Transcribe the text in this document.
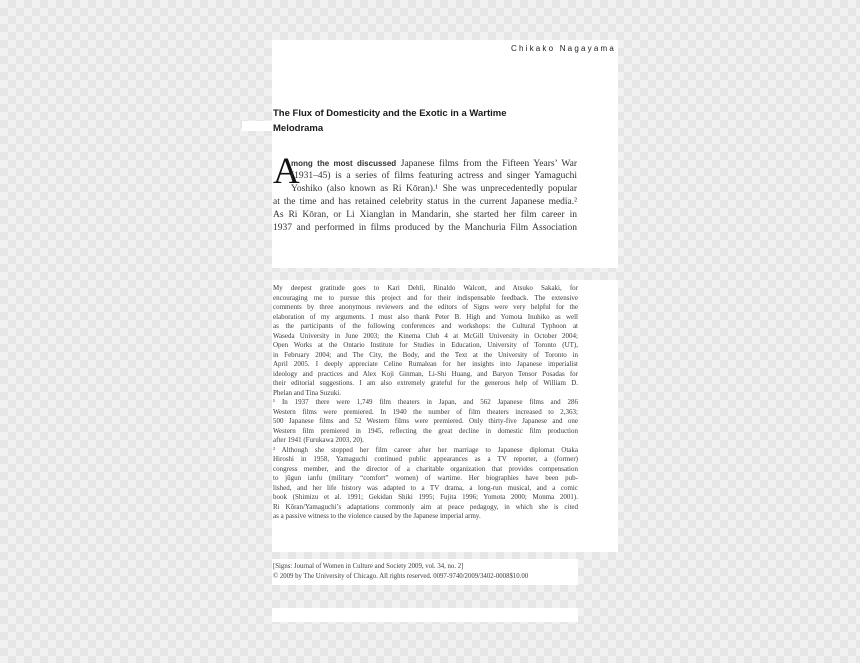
Chikako Nagayama
The Flux of Domesticity and the Exotic in a Wartime
Melodrama
A
mong the most discussed Japanese films from the Fifteen Years’ War
(1931–45) is a series of films featuring actress and singer Yamaguchi
Yoshiko (also known as Ri Kōran).¹ She was unprecedentedly popular
at the time and has retained celebrity status in the current Japanese media.²
As Ri Kōran, or Li Xianglan in Mandarin, she started her film career in
1937 and performed in films produced by the Manchuria Film Association
My deepest gratitude goes to Kari Dehli, Rinaldo Walcott, and Atsuko Sakaki, for
encouraging me to pursue this project and for their indispensable feedback. The extensive
comments by three anonymous reviewers and the editors of Signs were very helpful for the
elaboration of my arguments. I must also thank Peter B. High and Yomota Inuhiko as well
as the participants of the following conferences and workshops: the Cultural Typhoon at
Waseda University in June 2003; the Kinema Club 4 at McGill University in October 2004;
Open Works at the Ontario Institute for Studies in Education, University of Toronto (UT),
in February 2004; and The City, the Body, and the Text at the University of Toronto in
April 2005. I deeply appreciate Celine Rumalean for her insights into Japanese imperialist
ideology and practices and Alex Koji Ginman, Li-Shi Huang, and Baryon Tensor Posadas for
their editorial suggestions. I am also extremely grateful for the generous help of William D.
Phelan and Tina Suzuki.
¹ In 1937 there were 1,749 film theaters in Japan, and 562 Japanese films and 286
Western films were premiered. In 1940 the number of film theaters increased to 2,363;
500 Japanese films and 52 Western films were premiered. Only thirty-five Japanese and one
Western film premiered in 1945, reflecting the great decline in domestic film production
after 1941 (Furukawa 2003, 20).
² Although she stopped her film career after her marriage to Japanese diplomat Otaka
Hiroshi in 1958, Yamaguchi continued public appearances as a TV reporter, a (former)
congress member, and the director of a charitable organization that provides compensation
to jūgun ianfu (military “comfort” women) of wartime. Her biographies have been pub-
lished, and her life history was adapted to a TV drama, a long-run musical, and a comic
book (Shimizu et al. 1991; Gekidan Shiki 1995; Fujita 1996; Yomota 2000; Monma 2001).
Ri Kōran/Yamaguchi’s adaptations commonly aim at peace pedagogy, in which she is cited
as a passive witness to the violence caused by the Japanese imperial army.
[Signs: Journal of Women in Culture and Society 2009, vol. 34, no. 2]
© 2009 by The University of Chicago. All rights reserved. 0097-9740/2009/3402-0008$10.00
